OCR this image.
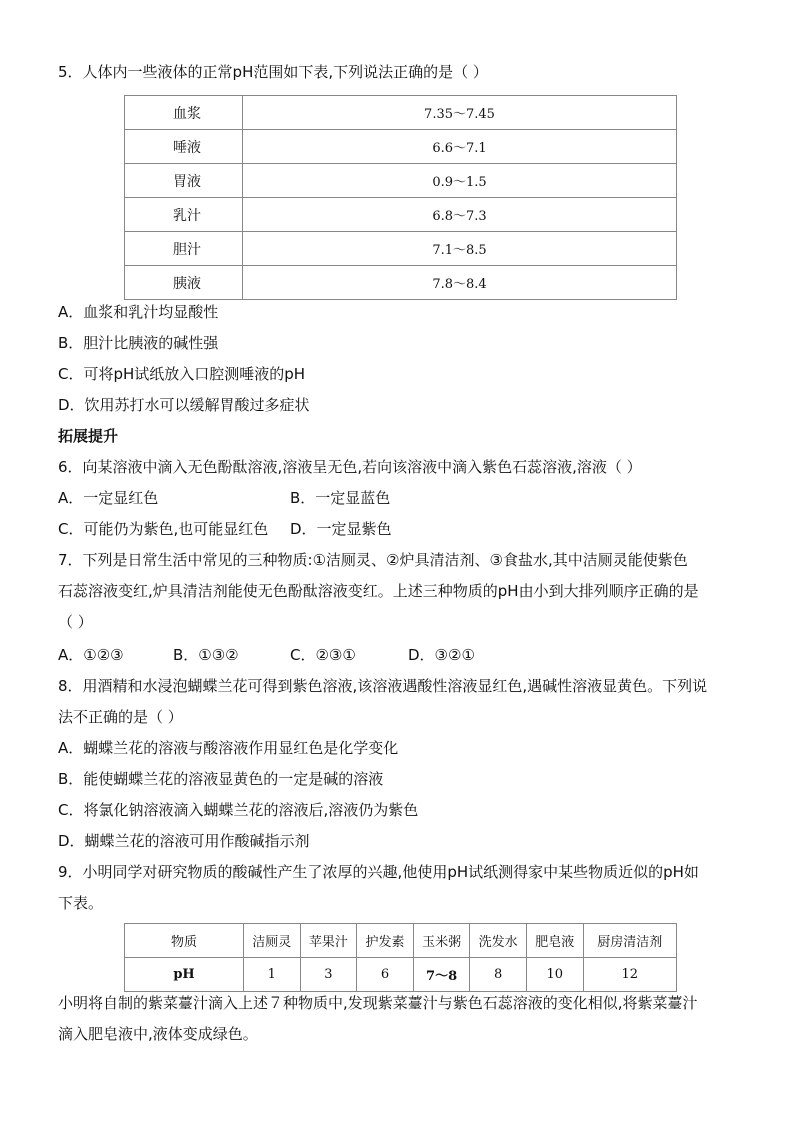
5．人体内一些液体的正常pH范围如下表,下列说法正确的是（ ）
血浆	7.35～7.45
唾液	6.6～7.1
胃液	0.9～1.5
乳汁	6.8～7.3
胆汁	7.1～8.5
胰液	7.8～8.4
A．血浆和乳汁均显酸性
B．胆汁比胰液的碱性强
C．可将pH试纸放入口腔测唾液的pH
D．饮用苏打水可以缓解胃酸过多症状
拓展提升
6．向某溶液中滴入无色酚酞溶液,溶液呈无色,若向该溶液中滴入紫色石蕊溶液,溶液（ ）
A．一定显红色	B．一定显蓝色
C．可能仍为紫色,也可能显红色	D．一定显紫色
7．下列是日常生活中常见的三种物质:①洁厕灵、②炉具清洁剂、③食盐水,其中洁厕灵能使紫色
石蕊溶液变红,炉具清洁剂能使无色酚酞溶液变红。上述三种物质的pH由小到大排列顺序正确的是
（ ）
A．①②③	B．①③②	C．②③①	D．③②①
8．用酒精和水浸泡蝴蝶兰花可得到紫色溶液,该溶液遇酸性溶液显红色,遇碱性溶液显黄色。下列说
法不正确的是（ ）
A．蝴蝶兰花的溶液与酸溶液作用显红色是化学变化
B．能使蝴蝶兰花的溶液显黄色的一定是碱的溶液
C．将氯化钠溶液滴入蝴蝶兰花的溶液后,溶液仍为紫色
D．蝴蝶兰花的溶液可用作酸碱指示剂
9．小明同学对研究物质的酸碱性产生了浓厚的兴趣,他使用pH试纸测得家中某些物质近似的pH如
下表。
物质	洁厕灵	苹果汁	护发素	玉米粥	洗发水	肥皂液	厨房清洁剂
pH	1	3	6	7～8	8	10	12
小明将自制的紫菜薹汁滴入上述７种物质中,发现紫菜薹汁与紫色石蕊溶液的变化相似,将紫菜薹汁
滴入肥皂液中,液体变成绿色。
